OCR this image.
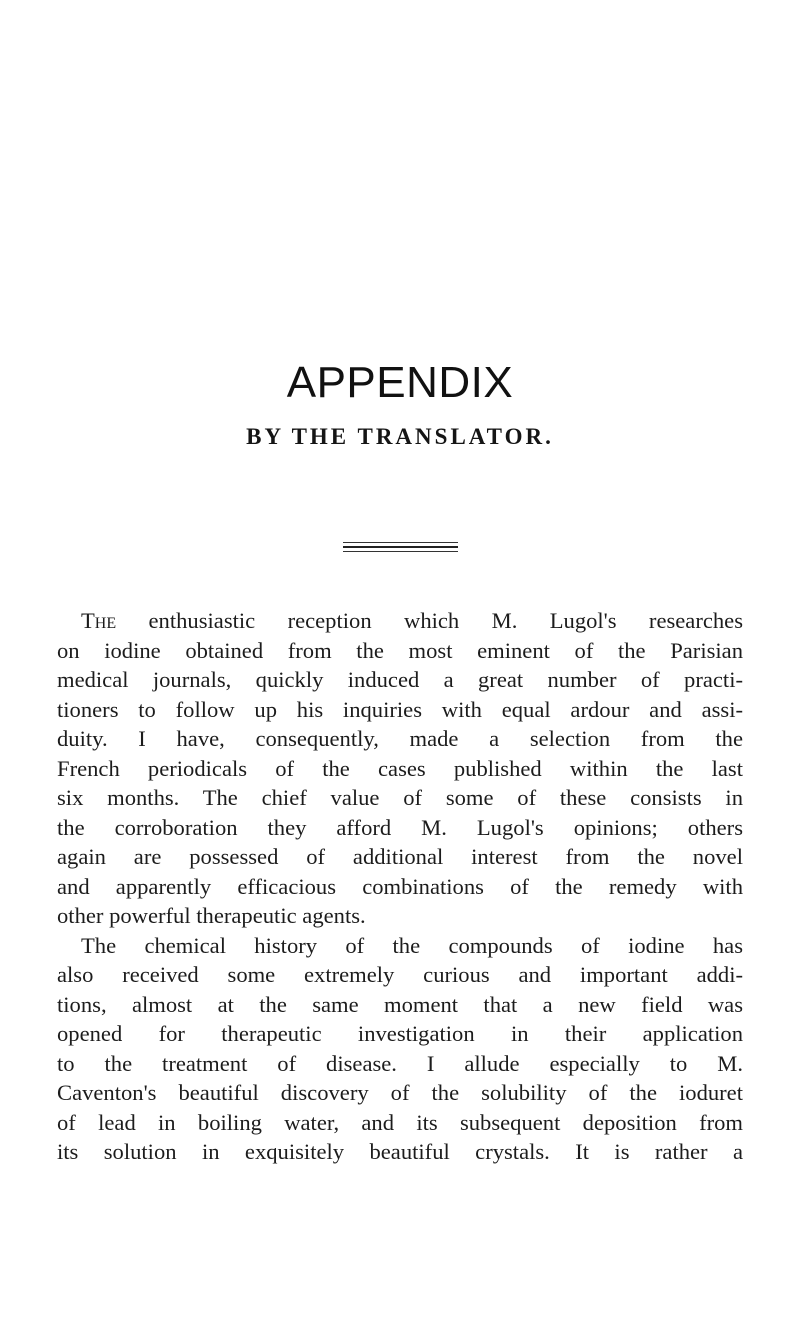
APPENDIX
BY THE TRANSLATOR.
The enthusiastic reception which M. Lugol's researches
on iodine obtained from the most eminent of the Parisian
medical journals, quickly induced a great number of practi-
tioners to follow up his inquiries with equal ardour and assi-
duity. I have, consequently, made a selection from the
French periodicals of the cases published within the last
six months. The chief value of some of these consists in
the corroboration they afford M. Lugol's opinions; others
again are possessed of additional interest from the novel
and apparently efficacious combinations of the remedy with
other powerful therapeutic agents.
The chemical history of the compounds of iodine has
also received some extremely curious and important addi-
tions, almost at the same moment that a new field was
opened for therapeutic investigation in their application
to the treatment of disease. I allude especially to M.
Caventon's beautiful discovery of the solubility of the ioduret
of lead in boiling water, and its subsequent deposition from
its solution in exquisitely beautiful crystals. It is rather a
